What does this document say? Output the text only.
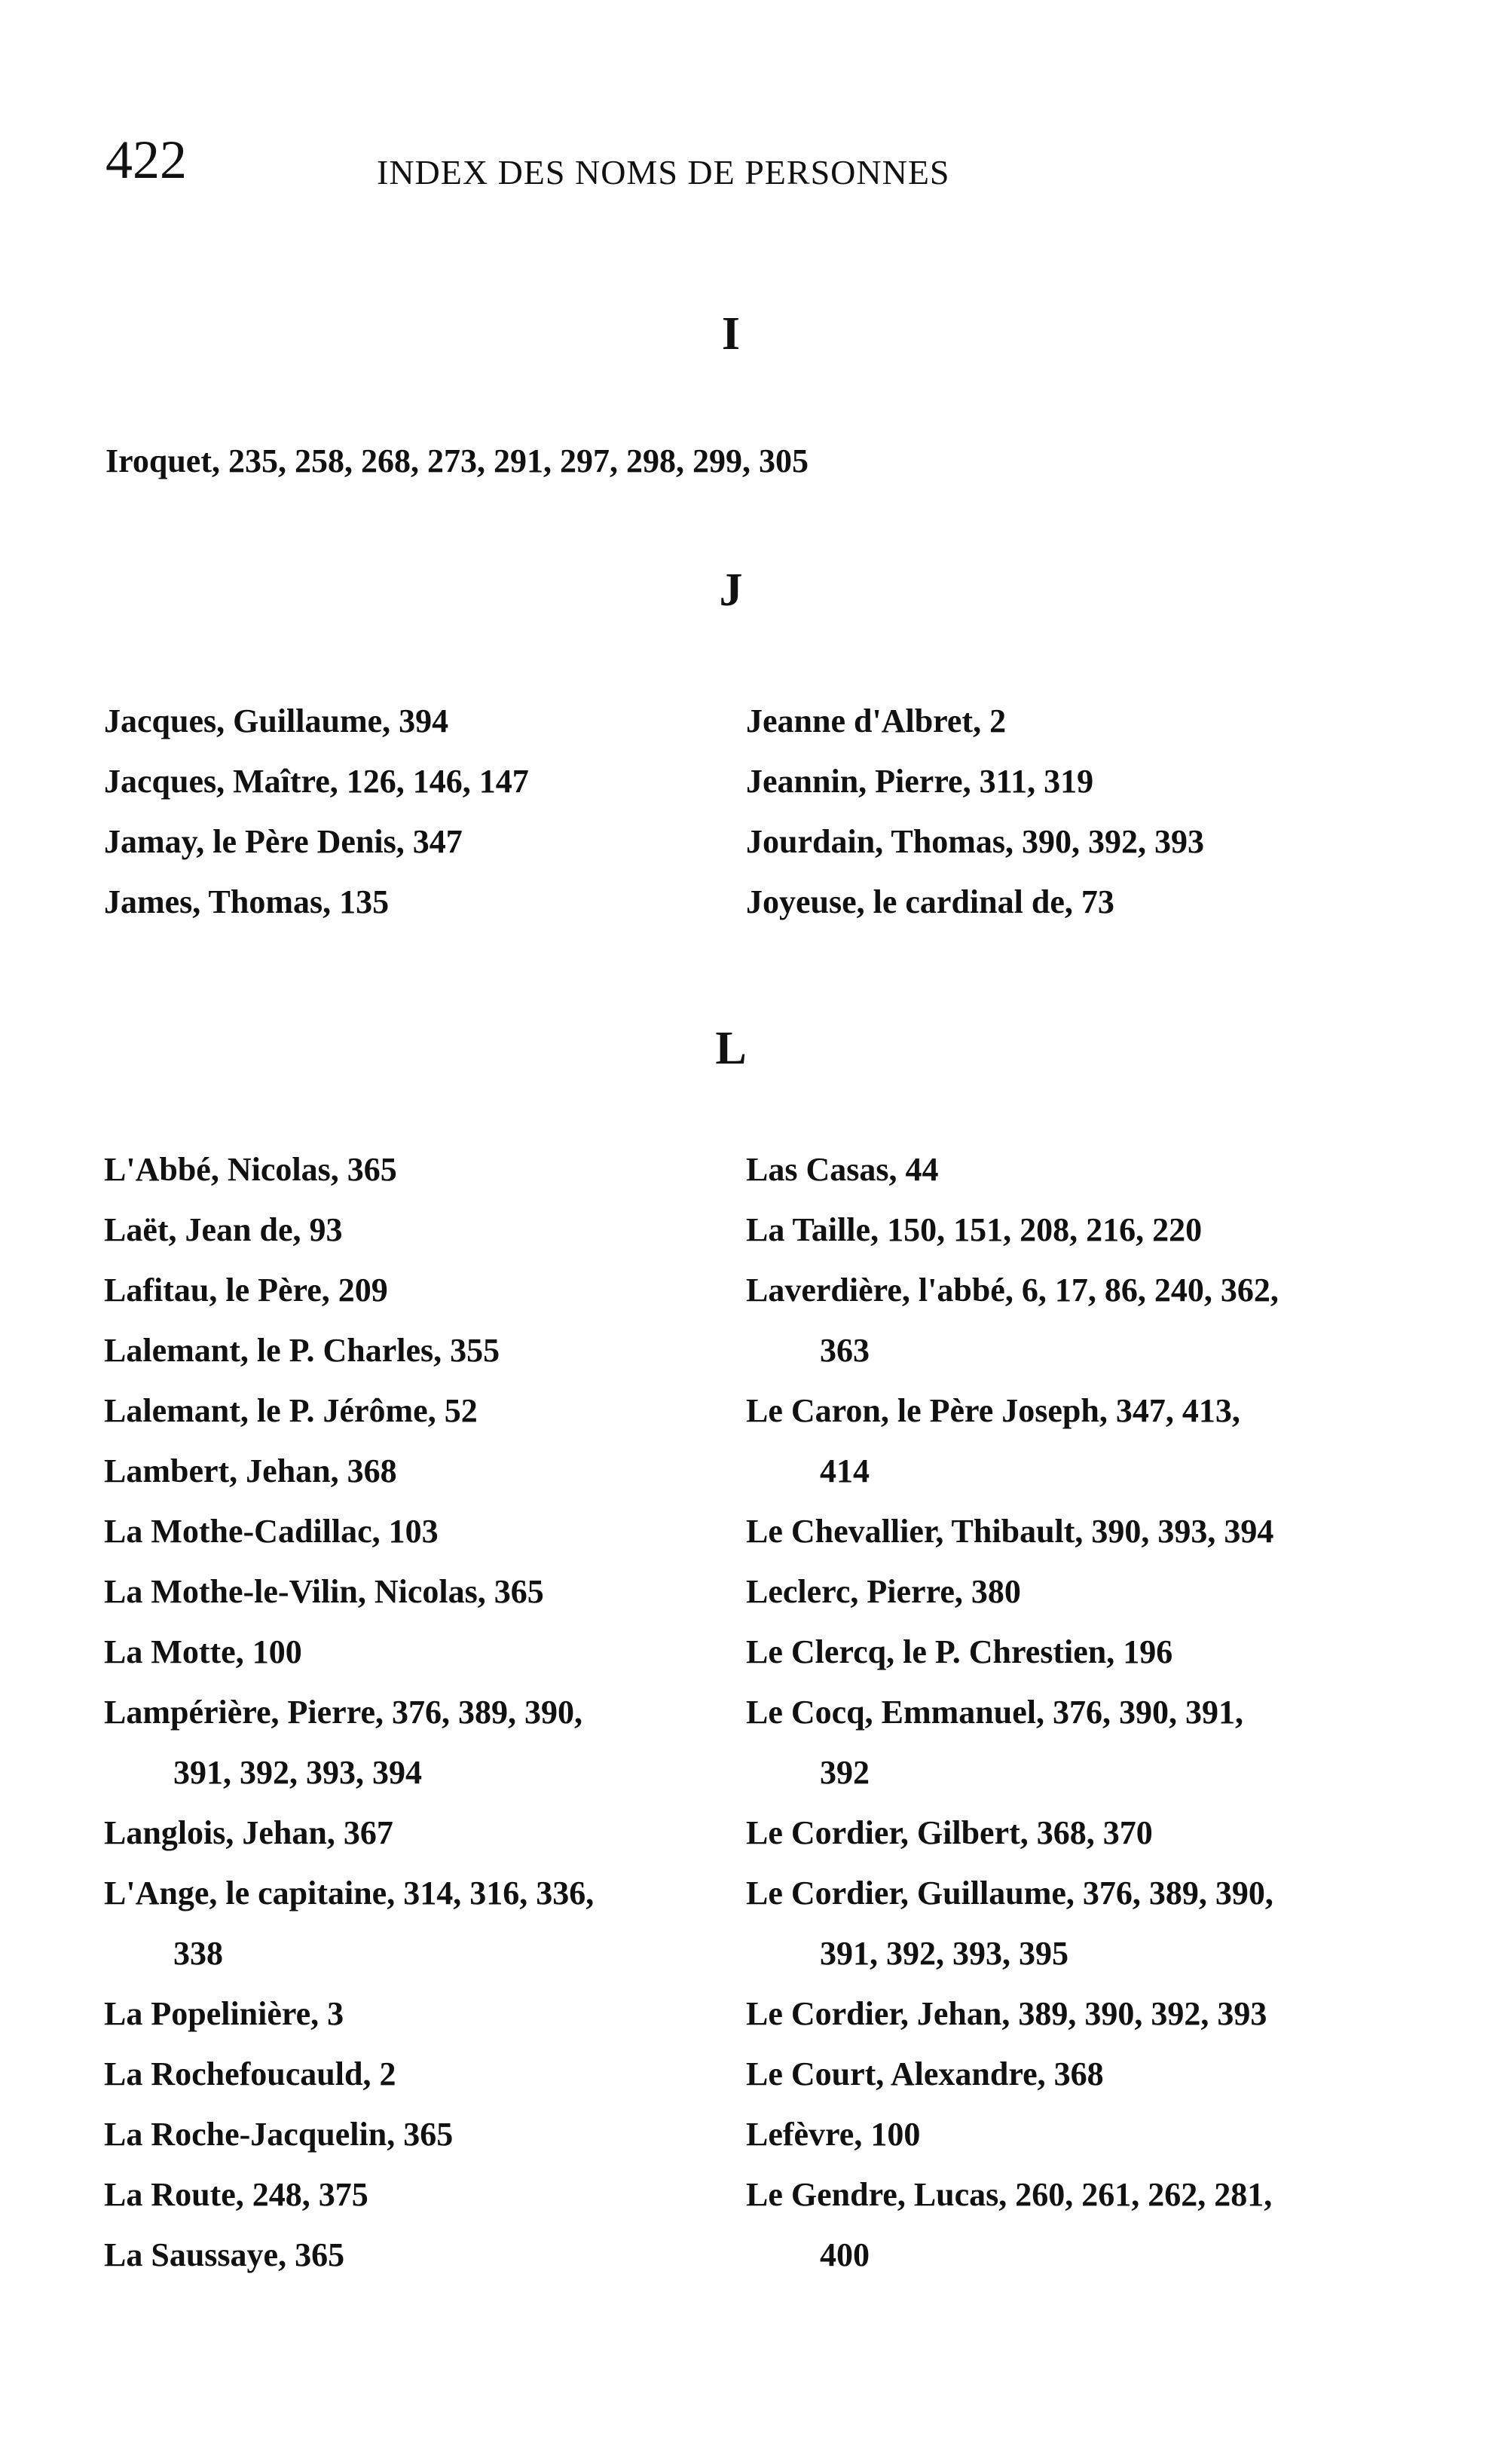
422	INDEX DES NOMS DE PERSONNES
I
Iroquet, 235, 258, 268, 273, 291, 297, 298, 299, 305
J
Jacques, Guillaume, 394
Jacques, Maître, 126, 146, 147
Jamay, le Père Denis, 347
James, Thomas, 135
Jeanne d'Albret, 2
Jeannin, Pierre, 311, 319
Jourdain, Thomas, 390, 392, 393
Joyeuse, le cardinal de, 73
L
L'Abbé, Nicolas, 365
Laët, Jean de, 93
Lafitau, le Père, 209
Lalemant, le P. Charles, 355
Lalemant, le P. Jérôme, 52
Lambert, Jehan, 368
La Mothe-Cadillac, 103
La Mothe-le-Vilin, Nicolas, 365
La Motte, 100
Lampérière, Pierre, 376, 389, 390,
391, 392, 393, 394
Langlois, Jehan, 367
L'Ange, le capitaine, 314, 316, 336,
338
La Popelinière, 3
La Rochefoucauld, 2
La Roche-Jacquelin, 365
La Route, 248, 375
La Saussaye, 365
Las Casas, 44
La Taille, 150, 151, 208, 216, 220
Laverdière, l'abbé, 6, 17, 86, 240, 362,
363
Le Caron, le Père Joseph, 347, 413,
414
Le Chevallier, Thibault, 390, 393, 394
Leclerc, Pierre, 380
Le Clercq, le P. Chrestien, 196
Le Cocq, Emmanuel, 376, 390, 391,
392
Le Cordier, Gilbert, 368, 370
Le Cordier, Guillaume, 376, 389, 390,
391, 392, 393, 395
Le Cordier, Jehan, 389, 390, 392, 393
Le Court, Alexandre, 368
Lefèvre, 100
Le Gendre, Lucas, 260, 261, 262, 281,
400
